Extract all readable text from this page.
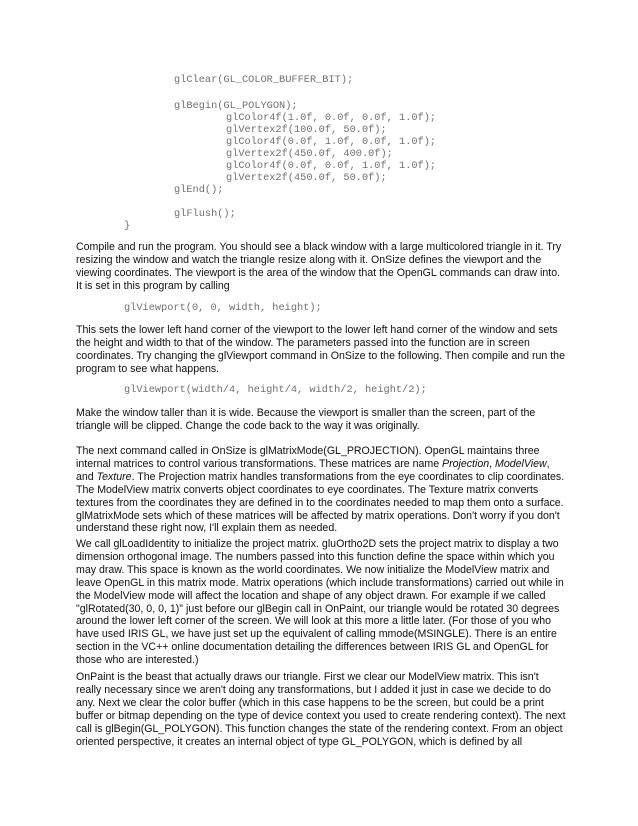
glClear(GL_COLOR_BUFFER_BIT);
glBegin(GL_POLYGON);
glColor4f(1.0f, 0.0f, 0.0f, 1.0f);
glVertex2f(100.0f, 50.0f);
glColor4f(0.0f, 1.0f, 0.0f, 1.0f);
glVertex2f(450.0f, 400.0f);
glColor4f(0.0f, 0.0f, 1.0f, 1.0f);
glVertex2f(450.0f, 50.0f);
glEnd();
glFlush();
}

Compile and run the program. You should see a black window with a large multicolored triangle in it. Try resizing the window and watch the triangle resize along with it. OnSize defines the viewport and the viewing coordinates. The viewport is the area of the window that the OpenGL commands can draw into. It is set in this program by calling

glViewport(0, 0, width, height);

This sets the lower left hand corner of the viewport to the lower left hand corner of the window and sets the height and width to that of the window. The parameters passed into the function are in screen coordinates. Try changing the glViewport command in OnSize to the following. Then compile and run the program to see what happens.

glViewport(width/4, height/4, width/2, height/2);

Make the window taller than it is wide. Because the viewport is smaller than the screen, part of the triangle will be clipped. Change the code back to the way it was originally.

The next command called in OnSize is glMatrixMode(GL_PROJECTION). OpenGL maintains three internal matrices to control various transformations. These matrices are name Projection, ModelView, and Texture. The Projection matrix handles transformations from the eye coordinates to clip coordinates. The ModelView matrix converts object coordinates to eye coordinates. The Texture matrix converts textures from the coordinates they are defined in to the coordinates needed to map them onto a surface. glMatrixMode sets which of these matrices will be affected by matrix operations. Don't worry if you don't understand these right now, I'll explain them as needed.

We call glLoadIdentity to initialize the project matrix. gluOrtho2D sets the project matrix to display a two dimension orthogonal image. The numbers passed into this function define the space within which you may draw. This space is known as the world coordinates. We now initialize the ModelView matrix and leave OpenGL in this matrix mode. Matrix operations (which include transformations) carried out while in the ModelView mode will affect the location and shape of any object drawn. For example if we called "glRotated(30, 0, 0, 1)" just before our glBegin call in OnPaint, our triangle would be rotated 30 degrees around the lower left corner of the screen. We will look at this more a little later. (For those of you who have used IRIS GL, we have just set up the equivalent of calling mmode(MSINGLE). There is an entire section in the VC++ online documentation detailing the differences between IRIS GL and OpenGL for those who are interested.)

OnPaint is the beast that actually draws our triangle. First we clear our ModelView matrix. This isn't really necessary since we aren't doing any transformations, but I added it just in case we decide to do any. Next we clear the color buffer (which in this case happens to be the screen, but could be a print buffer or bitmap depending on the type of device context you used to create rendering context). The next call is glBegin(GL_POLYGON). This function changes the state of the rendering context. From an object oriented perspective, it creates an internal object of type GL_POLYGON, which is defined by all
